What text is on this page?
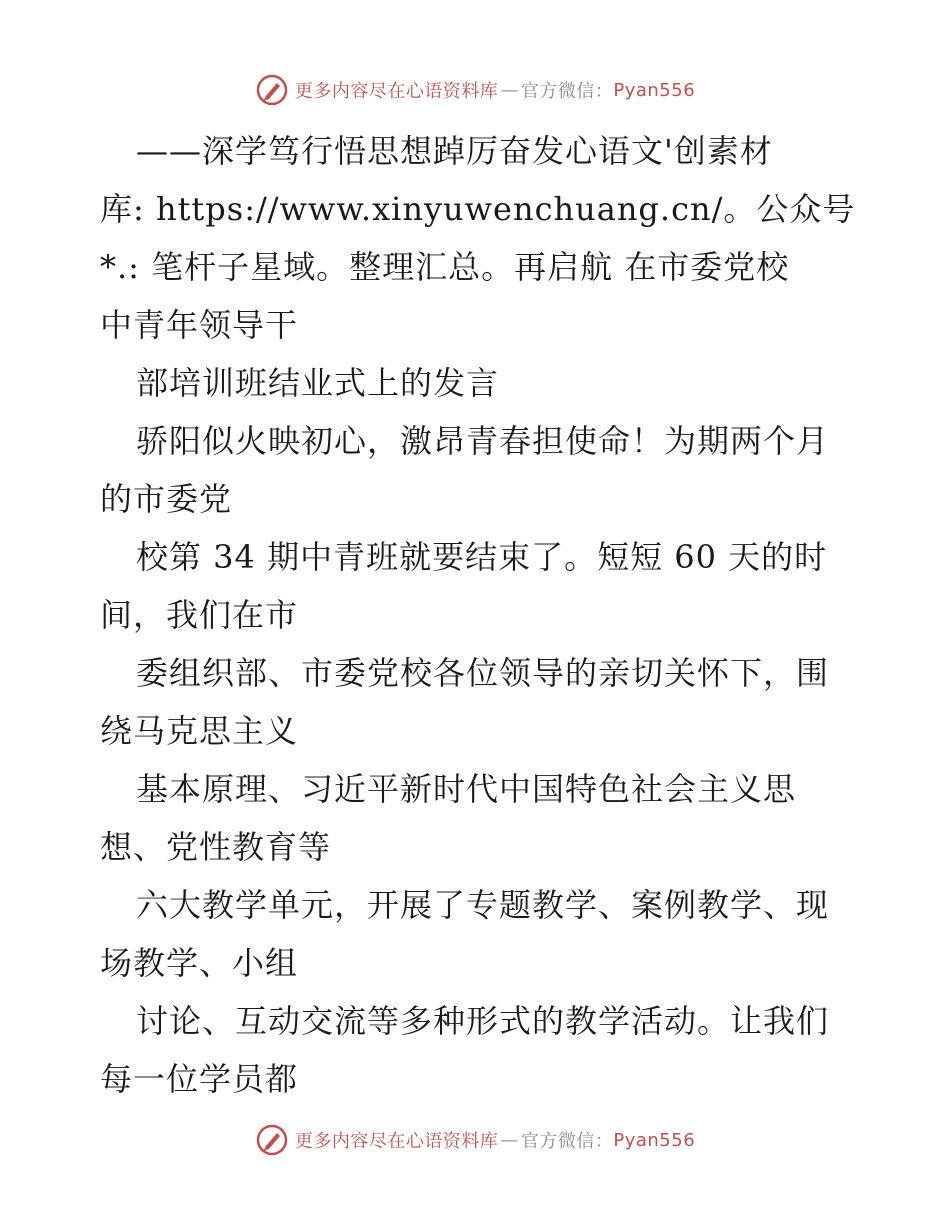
更多内容尽在心语资料库 — 官方微信： Pyan556
——深学笃行悟思想踔厉奋发心语文'创素材
库: https://www.xinyuwenchuang.cn/。公众号
*.: 笔杆子星域。整理汇总。再启航 在市委党校
中青年领导干
部培训班结业式上的发言
骄阳似火映初心，激昂青春担使命！为期两个月
的市委党
校第 34 期中青班就要结束了。短短 60 天的时
间，我们在市
委组织部、市委党校各位领导的亲切关怀下，围
绕马克思主义
基本原理、习近平新时代中国特色社会主义思
想、党性教育等
六大教学单元，开展了专题教学、案例教学、现
场教学、小组
讨论、互动交流等多种形式的教学活动。让我们
每一位学员都
更多内容尽在心语资料库 — 官方微信： Pyan556
